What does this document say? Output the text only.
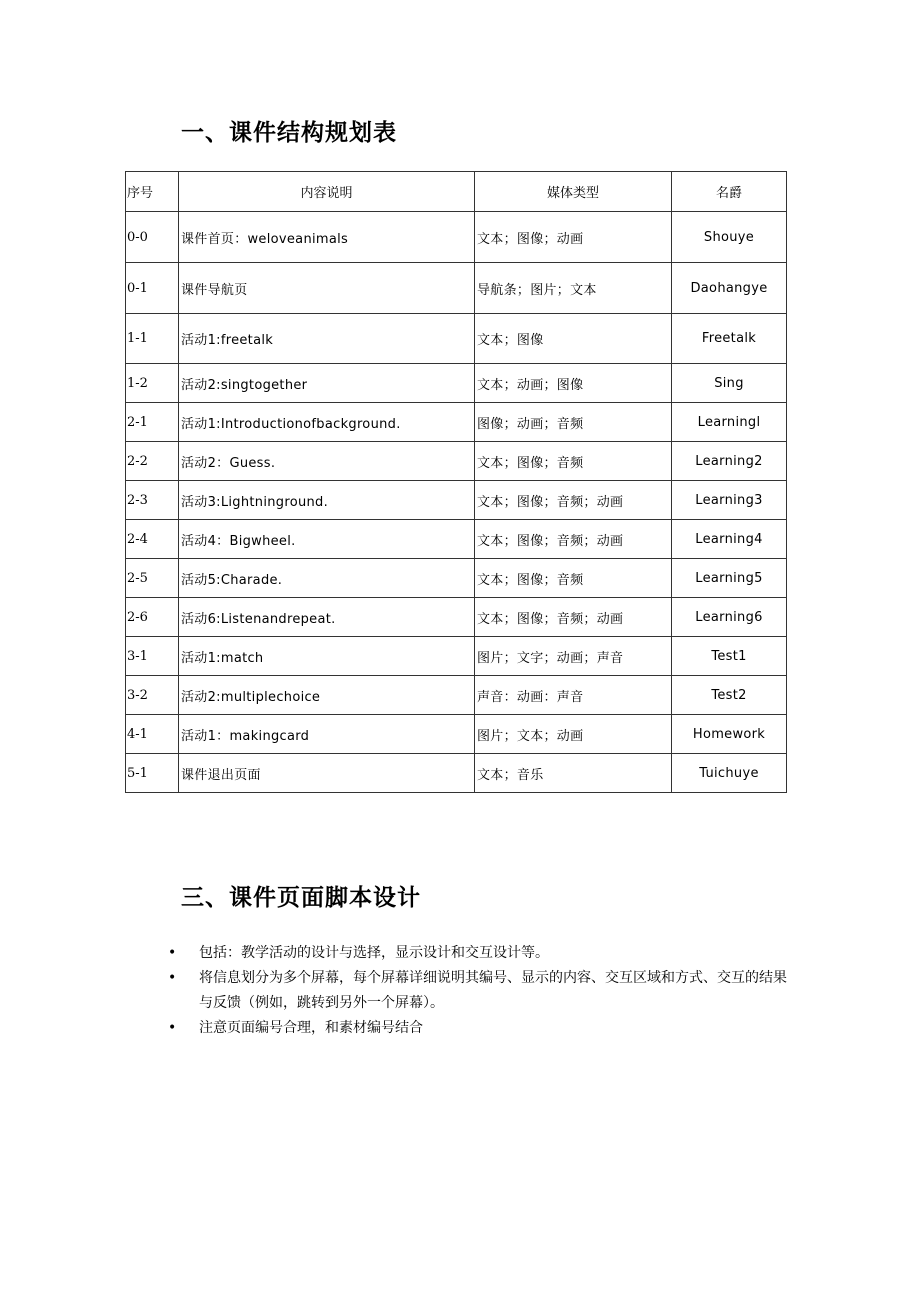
一、课件结构规划表
序号	内容说明	媒体类型	名爵
0-0	课件首页：weloveanimals	文本；图像；动画	Shouye
0-1	课件导航页	导航条；图片；文本	Daohangye
1-1	活动1:freetalk	文本；图像	Freetalk
1-2	活动2:singtogether	文本；动画；图像	Sing
2-1	活动1:Introductionofbackground.	图像；动画；音频	Learningl
2-2	活动2：Guess.	文本；图像；音频	Learning2
2-3	活动3:Lightninground.	文本；图像；音频；动画	Learning3
2-4	活动4：Bigwheel.	文本；图像；音频；动画	Learning4
2-5	活动5:Charade.	文本；图像；音频	Learning5
2-6	活动6:Listenandrepeat.	文本；图像；音频；动画	Learning6
3-1	活动1:match	图片；文字；动画；声音	Test1
3-2	活动2:multiplechoice	声音：动画：声音	Test2
4-1	活动1：makingcard	图片；文本；动画	Homework
5-1	课件退出页面	文本；音乐	Tuichuye
三、课件页面脚本设计
• 包括：教学活动的设计与选择，显示设计和交互设计等。
• 将信息划分为多个屏幕，每个屏幕详细说明其编号、显示的内容、交互区域和方式、交互的结果与反馈（例如，跳转到另外一个屏幕）。
• 注意页面编号合理，和素材编号结合
